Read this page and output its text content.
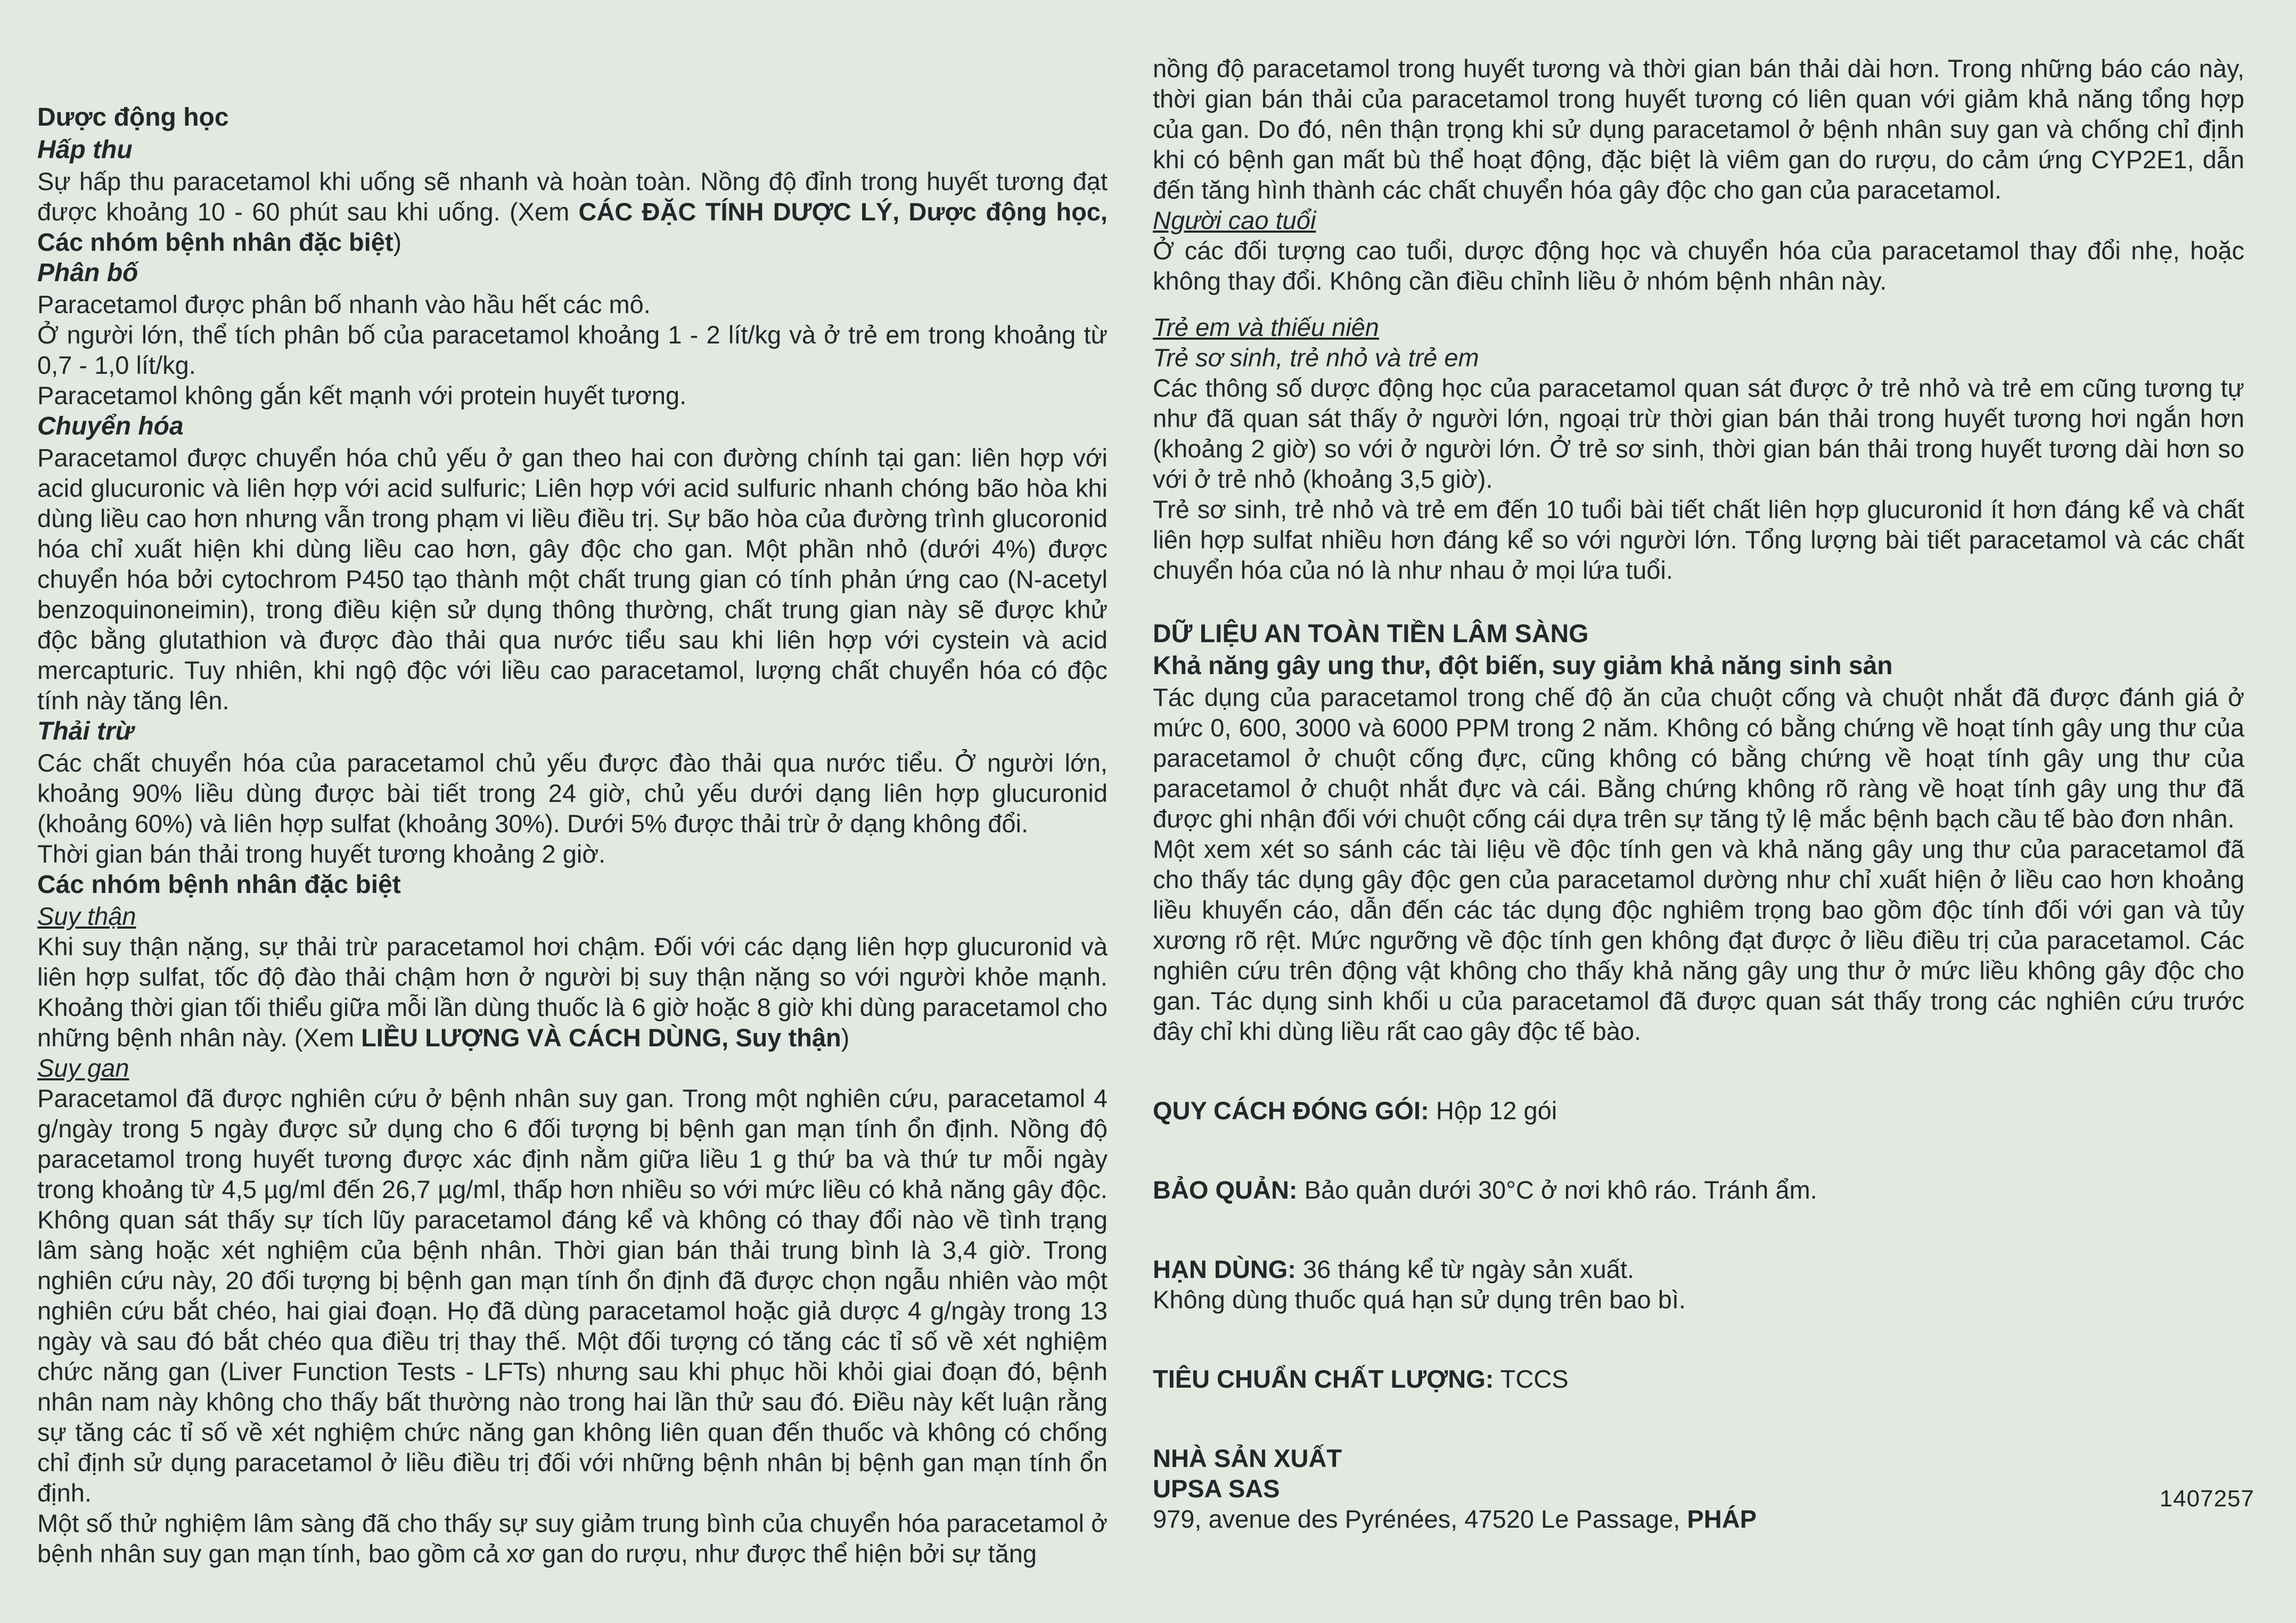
Dược động học

Hấp thu

Sự hấp thu paracetamol khi uống sẽ nhanh và hoàn toàn. Nồng độ đỉnh trong huyết tương đạt được khoảng 10 - 60 phút sau khi uống. (Xem CÁC ĐẶC TÍNH DƯỢC LÝ, Dược động học, Các nhóm bệnh nhân đặc biệt)

Phân bố

Paracetamol được phân bố nhanh vào hầu hết các mô.

Ở người lớn, thể tích phân bố của paracetamol khoảng 1 - 2 lít/kg và ở trẻ em trong khoảng từ 0,7 - 1,0 lít/kg.

Paracetamol không gắn kết mạnh với protein huyết tương.

Chuyển hóa

Paracetamol được chuyển hóa chủ yếu ở gan theo hai con đường chính tại gan: liên hợp với acid glucuronic và liên hợp với acid sulfuric; Liên hợp với acid sulfuric nhanh chóng bão hòa khi dùng liều cao hơn nhưng vẫn trong phạm vi liều điều trị. Sự bão hòa của đường trình glucoronid hóa chỉ xuất hiện khi dùng liều cao hơn, gây độc cho gan. Một phần nhỏ (dưới 4%) được chuyển hóa bởi cytochrom P450 tạo thành một chất trung gian có tính phản ứng cao (N-acetyl benzoquinoneimin), trong điều kiện sử dụng thông thường, chất trung gian này sẽ được khử độc bằng glutathion và được đào thải qua nước tiểu sau khi liên hợp với cystein và acid mercapturic. Tuy nhiên, khi ngộ độc với liều cao paracetamol, lượng chất chuyển hóa có độc tính này tăng lên.

Thải trừ

Các chất chuyển hóa của paracetamol chủ yếu được đào thải qua nước tiểu. Ở người lớn, khoảng 90% liều dùng được bài tiết trong 24 giờ, chủ yếu dưới dạng liên hợp glucuronid (khoảng 60%) và liên hợp sulfat (khoảng 30%). Dưới 5% được thải trừ ở dạng không đổi.

Thời gian bán thải trong huyết tương khoảng 2 giờ.

Các nhóm bệnh nhân đặc biệt

Suy thận

Khi suy thận nặng, sự thải trừ paracetamol hơi chậm. Đối với các dạng liên hợp glucuronid và liên hợp sulfat, tốc độ đào thải chậm hơn ở người bị suy thận nặng so với người khỏe mạnh. Khoảng thời gian tối thiểu giữa mỗi lần dùng thuốc là 6 giờ hoặc 8 giờ khi dùng paracetamol cho những bệnh nhân này. (Xem LIỀU LƯỢNG VÀ CÁCH DÙNG, Suy thận)

Suy gan

Paracetamol đã được nghiên cứu ở bệnh nhân suy gan. Trong một nghiên cứu, paracetamol 4 g/ngày trong 5 ngày được sử dụng cho 6 đối tượng bị bệnh gan mạn tính ổn định. Nồng độ paracetamol trong huyết tương được xác định nằm giữa liều 1 g thứ ba và thứ tư mỗi ngày trong khoảng từ 4,5 µg/ml đến 26,7 µg/ml, thấp hơn nhiều so với mức liều có khả năng gây độc. Không quan sát thấy sự tích lũy paracetamol đáng kể và không có thay đổi nào về tình trạng lâm sàng hoặc xét nghiệm của bệnh nhân. Thời gian bán thải trung bình là 3,4 giờ. Trong nghiên cứu này, 20 đối tượng bị bệnh gan mạn tính ổn định đã được chọn ngẫu nhiên vào một nghiên cứu bắt chéo, hai giai đoạn. Họ đã dùng paracetamol hoặc giả dược 4 g/ngày trong 13 ngày và sau đó bắt chéo qua điều trị thay thế. Một đối tượng có tăng các tỉ số về xét nghiệm chức năng gan (Liver Function Tests - LFTs) nhưng sau khi phục hồi khỏi giai đoạn đó, bệnh nhân nam này không cho thấy bất thường nào trong hai lần thử sau đó. Điều này kết luận rằng sự tăng các tỉ số về xét nghiệm chức năng gan không liên quan đến thuốc và không có chống chỉ định sử dụng paracetamol ở liều điều trị đối với những bệnh nhân bị bệnh gan mạn tính ổn định.

Một số thử nghiệm lâm sàng đã cho thấy sự suy giảm trung bình của chuyển hóa paracetamol ở bệnh nhân suy gan mạn tính, bao gồm cả xơ gan do rượu, như được thể hiện bởi sự tăng

nồng độ paracetamol trong huyết tương và thời gian bán thải dài hơn. Trong những báo cáo này, thời gian bán thải của paracetamol trong huyết tương có liên quan với giảm khả năng tổng hợp của gan. Do đó, nên thận trọng khi sử dụng paracetamol ở bệnh nhân suy gan và chống chỉ định khi có bệnh gan mất bù thể hoạt động, đặc biệt là viêm gan do rượu, do cảm ứng CYP2E1, dẫn đến tăng hình thành các chất chuyển hóa gây độc cho gan của paracetamol.

Người cao tuổi

Ở các đối tượng cao tuổi, dược động học và chuyển hóa của paracetamol thay đổi nhẹ, hoặc không thay đổi. Không cần điều chỉnh liều ở nhóm bệnh nhân này.

Trẻ em và thiếu niên

Trẻ sơ sinh, trẻ nhỏ và trẻ em

Các thông số dược động học của paracetamol quan sát được ở trẻ nhỏ và trẻ em cũng tương tự như đã quan sát thấy ở người lớn, ngoại trừ thời gian bán thải trong huyết tương hơi ngắn hơn (khoảng 2 giờ) so với ở người lớn. Ở trẻ sơ sinh, thời gian bán thải trong huyết tương dài hơn so với ở trẻ nhỏ (khoảng 3,5 giờ).

Trẻ sơ sinh, trẻ nhỏ và trẻ em đến 10 tuổi bài tiết chất liên hợp glucuronid ít hơn đáng kể và chất liên hợp sulfat nhiều hơn đáng kể so với người lớn. Tổng lượng bài tiết paracetamol và các chất chuyển hóa của nó là như nhau ở mọi lứa tuổi.

DỮ LIỆU AN TOÀN TIỀN LÂM SÀNG

Khả năng gây ung thư, đột biến, suy giảm khả năng sinh sản

Tác dụng của paracetamol trong chế độ ăn của chuột cống và chuột nhắt đã được đánh giá ở mức 0, 600, 3000 và 6000 PPM trong 2 năm. Không có bằng chứng về hoạt tính gây ung thư của paracetamol ở chuột cống đực, cũng không có bằng chứng về hoạt tính gây ung thư của paracetamol ở chuột nhắt đực và cái. Bằng chứng không rõ ràng về hoạt tính gây ung thư đã được ghi nhận đối với chuột cống cái dựa trên sự tăng tỷ lệ mắc bệnh bạch cầu tế bào đơn nhân.

Một xem xét so sánh các tài liệu về độc tính gen và khả năng gây ung thư của paracetamol đã cho thấy tác dụng gây độc gen của paracetamol dường như chỉ xuất hiện ở liều cao hơn khoảng liều khuyến cáo, dẫn đến các tác dụng độc nghiêm trọng bao gồm độc tính đối với gan và tủy xương rõ rệt. Mức ngưỡng về độc tính gen không đạt được ở liều điều trị của paracetamol. Các nghiên cứu trên động vật không cho thấy khả năng gây ung thư ở mức liều không gây độc cho gan. Tác dụng sinh khối u của paracetamol đã được quan sát thấy trong các nghiên cứu trước đây chỉ khi dùng liều rất cao gây độc tế bào.

QUY CÁCH ĐÓNG GÓI: Hộp 12 gói

BẢO QUẢN: Bảo quản dưới 30°C ở nơi khô ráo. Tránh ẩm.

HẠN DÙNG: 36 tháng kể từ ngày sản xuất.

Không dùng thuốc quá hạn sử dụng trên bao bì.

TIÊU CHUẨN CHẤT LƯỢNG: TCCS

NHÀ SẢN XUẤT

UPSA SAS

979, avenue des Pyrénées, 47520 Le Passage, PHÁP

1407257
